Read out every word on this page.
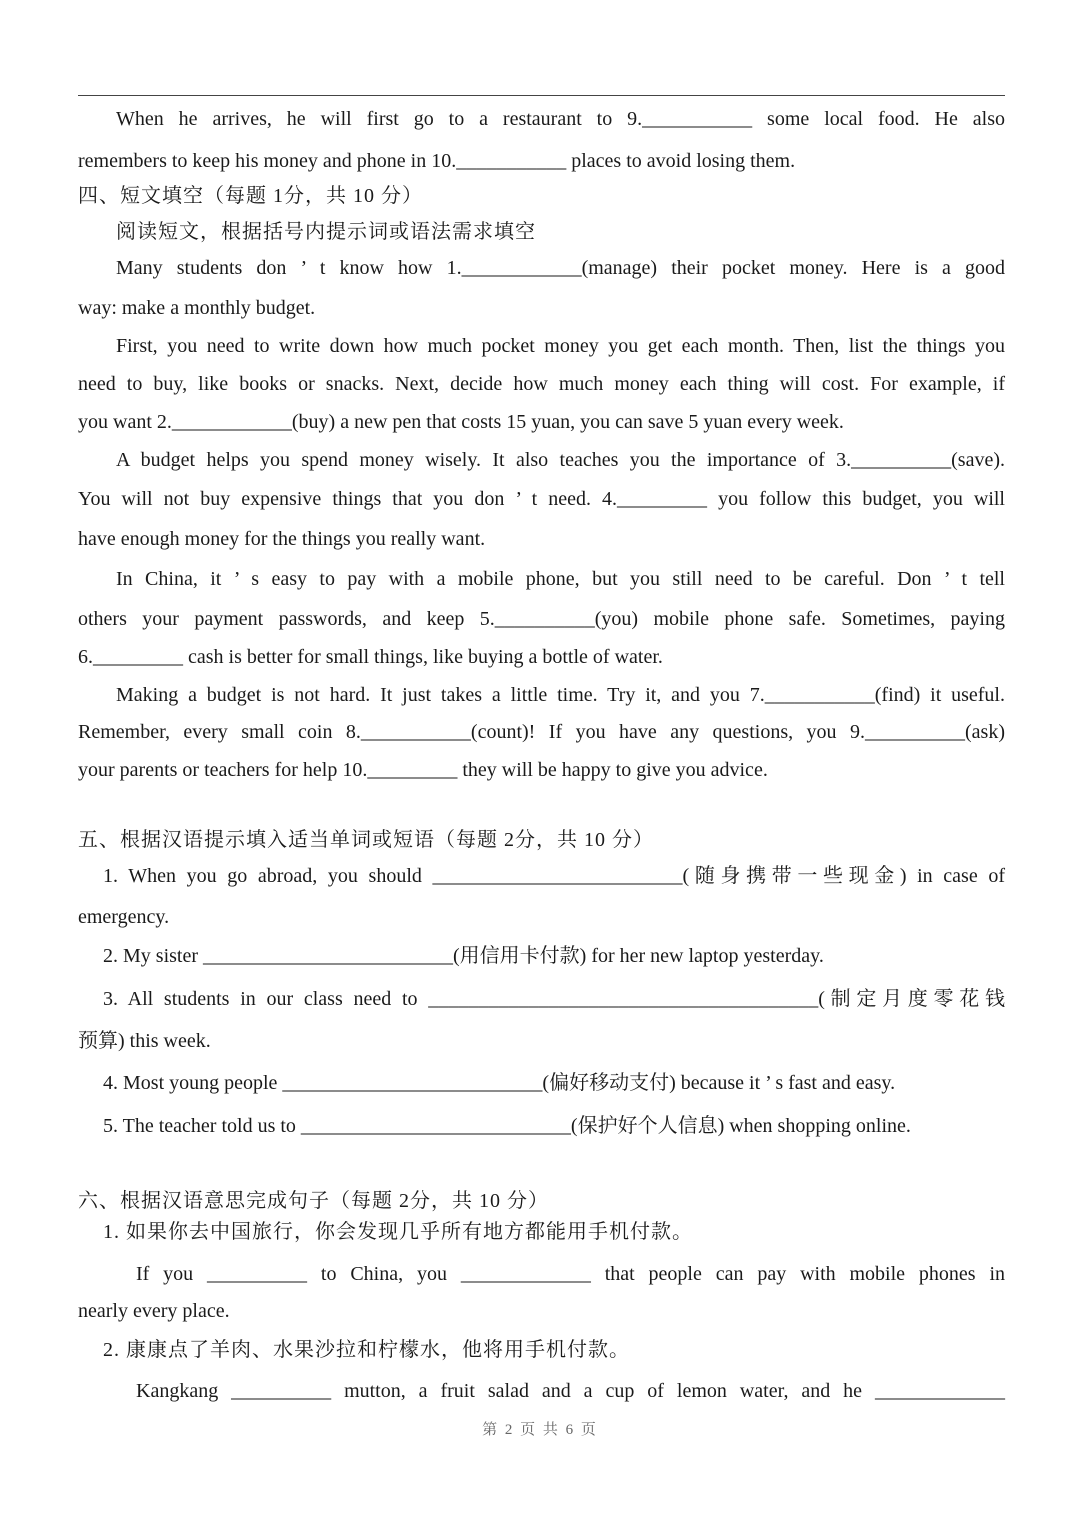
When he arrives, he will first go to a restaurant to 9.___________ some local food. He also
remembers to keep his money and phone in 10.___________ places to avoid losing them.
四、短文填空（每题 1分，共 10 分）
阅读短文，根据括号内提示词或语法需求填空
Many students don ’ t know how 1.____________(manage) their pocket money. Here is a good
way: make a monthly budget.
First, you need to write down how much pocket money you get each month. Then, list the things you
need to buy, like books or snacks. Next, decide how much money each thing will cost. For example, if
you want 2.____________(buy) a new pen that costs 15 yuan, you can save 5 yuan every week.
A budget helps you spend money wisely. It also teaches you the importance of 3.__________(save).
You will not buy expensive things that you don ’ t need. 4._________ you follow this budget, you will
have enough money for the things you really want.
In China, it ’ s easy to pay with a mobile phone, but you still need to be careful. Don ’ t tell
others your payment passwords, and keep 5.__________(you) mobile phone safe. Sometimes, paying
6._________ cash is better for small things, like buying a bottle of water.
Making a budget is not hard. It just takes a little time. Try it, and you 7.___________(find) it useful.
Remember, every small coin 8.___________(count)! If you have any questions, you 9.__________(ask)
your parents or teachers for help 10._________ they will be happy to give you advice.
五、根据汉语提示填入适当单词或短语（每题 2分，共 10 分）
1. When you go abroad, you should _________________________(随身携带一些现金) in case of
emergency.
2. My sister _________________________(用信用卡付款) for her new laptop yesterday.
3. All students in our class need to _______________________________________(制定月度零花钱
预算) this week.
4. Most young people __________________________(偏好移动支付) because it ’ s fast and easy.
5. The teacher told us to ___________________________(保护好个人信息) when shopping online.
六、根据汉语意思完成句子（每题 2分，共 10 分）
1. 如果你去中国旅行，你会发现几乎所有地方都能用手机付款。
If you __________ to China, you _____________ that people can pay with mobile phones in
nearly every place.
2. 康康点了羊肉、水果沙拉和柠檬水，他将用手机付款。
Kangkang __________ mutton, a fruit salad and a cup of lemon water, and he _____________
第 2 页 共 6 页
